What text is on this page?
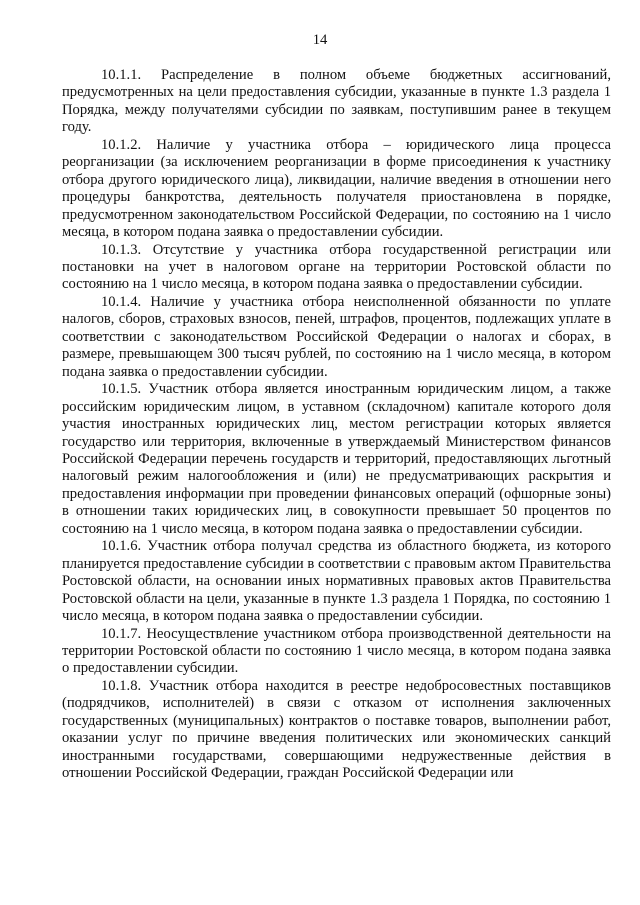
14

10.1.1. Распределение в полном объеме бюджетных ассигнований, предусмотренных на цели предоставления субсидии, указанные в пункте 1.3 раздела 1 Порядка, между получателями субсидии по заявкам, поступившим ранее в текущем году.

10.1.2. Наличие у участника отбора – юридического лица процесса реорганизации (за исключением реорганизации в форме присоединения к участнику отбора другого юридического лица), ликвидации, наличие введения в отношении него процедуры банкротства, деятельность получателя приостановлена в порядке, предусмотренном законодательством Российской Федерации, по состоянию на 1 число месяца, в котором подана заявка о предоставлении субсидии.

10.1.3. Отсутствие у участника отбора государственной регистрации или постановки на учет в налоговом органе на территории Ростовской области по состоянию на 1 число месяца, в котором подана заявка о предоставлении субсидии.

10.1.4. Наличие у участника отбора неисполненной обязанности по уплате налогов, сборов, страховых взносов, пеней, штрафов, процентов, подлежащих уплате в соответствии с законодательством Российской Федерации о налогах и сборах, в размере, превышающем 300 тысяч рублей, по состоянию на 1 число месяца, в котором подана заявка о предоставлении субсидии.

10.1.5. Участник отбора является иностранным юридическим лицом, а также российским юридическим лицом, в уставном (складочном) капитале которого доля участия иностранных юридических лиц, местом регистрации которых является государство или территория, включенные в утверждаемый Министерством финансов Российской Федерации перечень государств и территорий, предоставляющих льготный налоговый режим налогообложения и (или) не предусматривающих раскрытия и предоставления информации при проведении финансовых операций (офшорные зоны) в отношении таких юридических лиц, в совокупности превышает 50 процентов по состоянию на 1 число месяца, в котором подана заявка о предоставлении субсидии.

10.1.6. Участник отбора получал средства из областного бюджета, из которого планируется предоставление субсидии в соответствии с правовым актом Правительства Ростовской области, на основании иных нормативных правовых актов Правительства Ростовской области на цели, указанные в пункте 1.3 раздела 1 Порядка, по состоянию 1 число месяца, в котором подана заявка о предоставлении субсидии.

10.1.7. Неосуществление участником отбора производственной деятельности на территории Ростовской области по состоянию 1 число месяца, в котором подана заявка о предоставлении субсидии.

10.1.8. Участник отбора находится в реестре недобросовестных поставщиков (подрядчиков, исполнителей) в связи с отказом от исполнения заключенных государственных (муниципальных) контрактов о поставке товаров, выполнении работ, оказании услуг по причине введения политических или экономических санкций иностранными государствами, совершающими недружественные действия в отношении Российской Федерации, граждан Российской Федерации или
